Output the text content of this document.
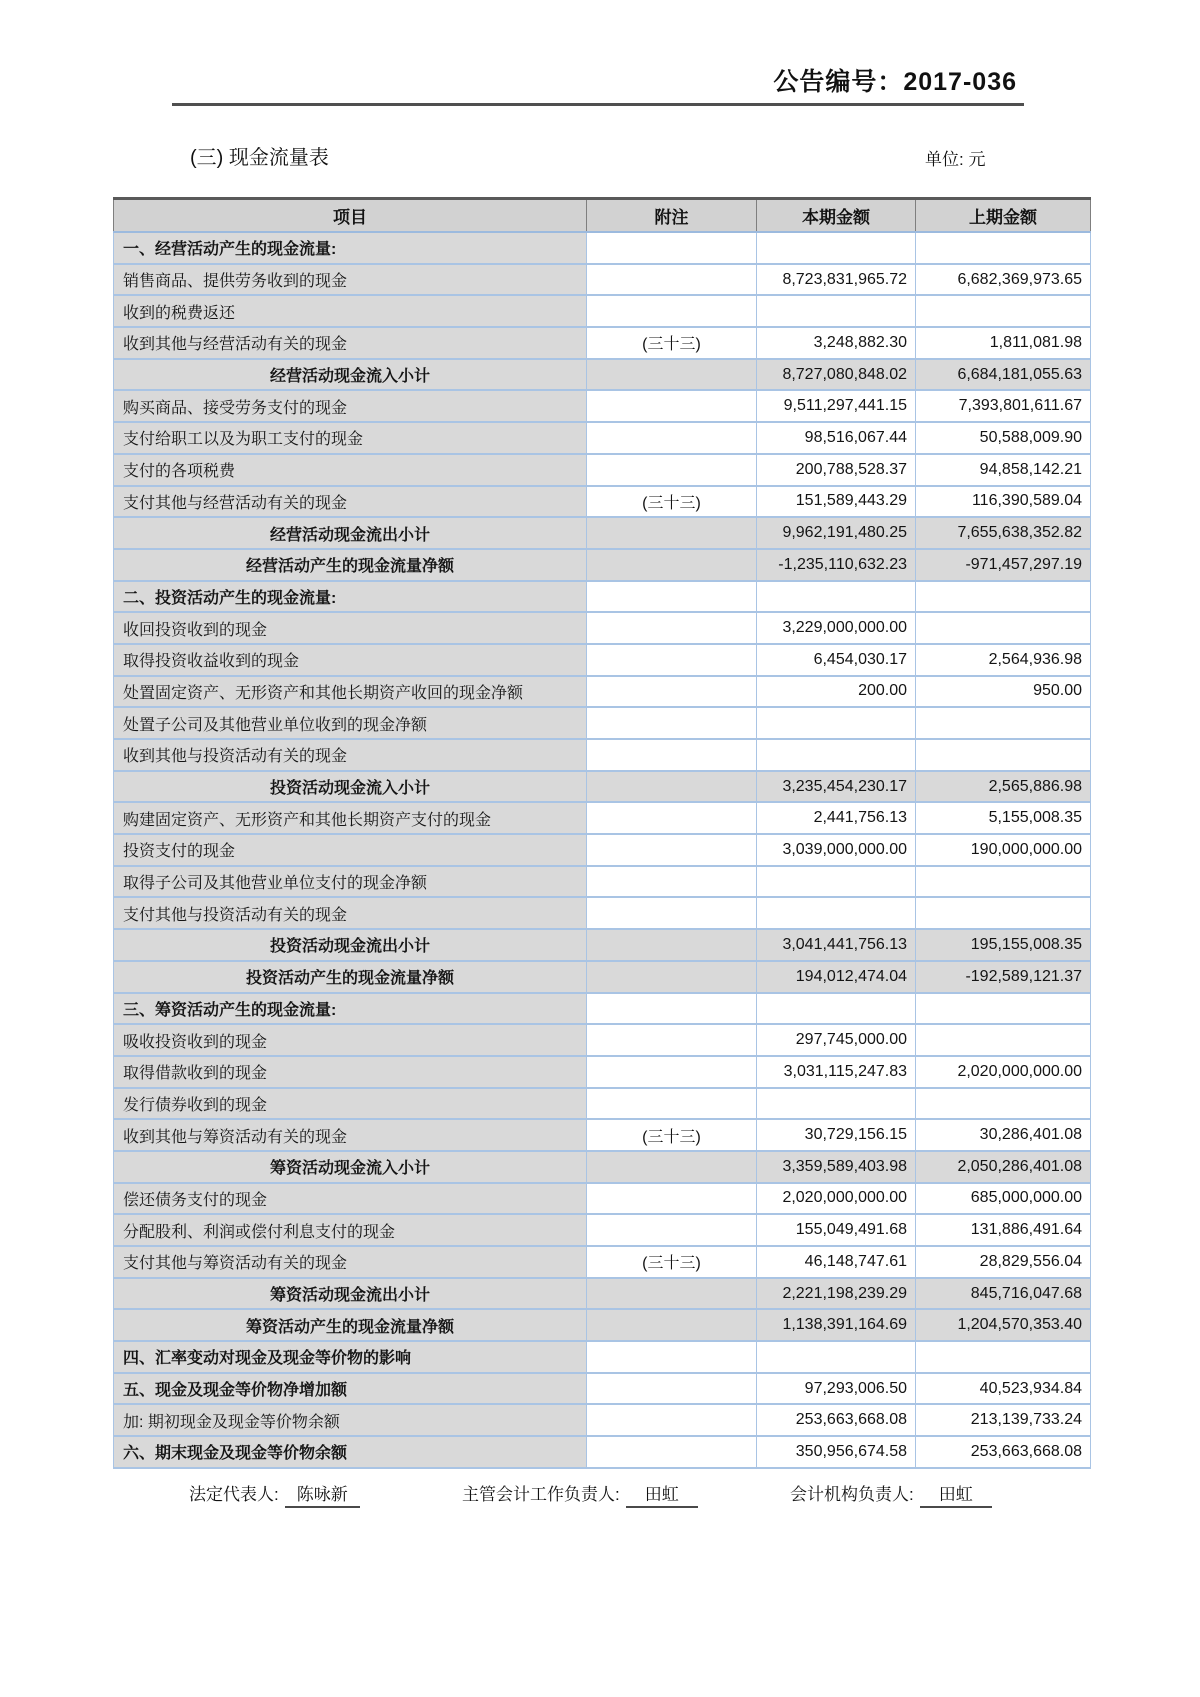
公告编号：2017-036
(三) 现金流量表	单位: 元
项目	附注	本期金额	上期金额
一、经营活动产生的现金流量:			
销售商品、提供劳务收到的现金		8,723,831,965.72	6,682,369,973.65
收到的税费返还			
收到其他与经营活动有关的现金	(三十三)	3,248,882.30	1,811,081.98
经营活动现金流入小计		8,727,080,848.02	6,684,181,055.63
购买商品、接受劳务支付的现金		9,511,297,441.15	7,393,801,611.67
支付给职工以及为职工支付的现金		98,516,067.44	50,588,009.90
支付的各项税费		200,788,528.37	94,858,142.21
支付其他与经营活动有关的现金	(三十三)	151,589,443.29	116,390,589.04
经营活动现金流出小计		9,962,191,480.25	7,655,638,352.82
经营活动产生的现金流量净额		-1,235,110,632.23	-971,457,297.19
二、投资活动产生的现金流量:			
收回投资收到的现金		3,229,000,000.00	
取得投资收益收到的现金		6,454,030.17	2,564,936.98
处置固定资产、无形资产和其他长期资产收回的现金净额		200.00	950.00
处置子公司及其他营业单位收到的现金净额			
收到其他与投资活动有关的现金			
投资活动现金流入小计		3,235,454,230.17	2,565,886.98
购建固定资产、无形资产和其他长期资产支付的现金		2,441,756.13	5,155,008.35
投资支付的现金		3,039,000,000.00	190,000,000.00
取得子公司及其他营业单位支付的现金净额			
支付其他与投资活动有关的现金			
投资活动现金流出小计		3,041,441,756.13	195,155,008.35
投资活动产生的现金流量净额		194,012,474.04	-192,589,121.37
三、筹资活动产生的现金流量:			
吸收投资收到的现金		297,745,000.00	
取得借款收到的现金		3,031,115,247.83	2,020,000,000.00
发行债券收到的现金			
收到其他与筹资活动有关的现金	(三十三)	30,729,156.15	30,286,401.08
筹资活动现金流入小计		3,359,589,403.98	2,050,286,401.08
偿还债务支付的现金		2,020,000,000.00	685,000,000.00
分配股利、利润或偿付利息支付的现金		155,049,491.68	131,886,491.64
支付其他与筹资活动有关的现金	(三十三)	46,148,747.61	28,829,556.04
筹资活动现金流出小计		2,221,198,239.29	845,716,047.68
筹资活动产生的现金流量净额		1,138,391,164.69	1,204,570,353.40
四、汇率变动对现金及现金等价物的影响			
五、现金及现金等价物净增加额		97,293,006.50	40,523,934.84
加: 期初现金及现金等价物余额		253,663,668.08	213,139,733.24
六、期末现金及现金等价物余额		350,956,674.58	253,663,668.08
法定代表人: 陈咏新	主管会计工作负责人: 田虹	会计机构负责人: 田虹
